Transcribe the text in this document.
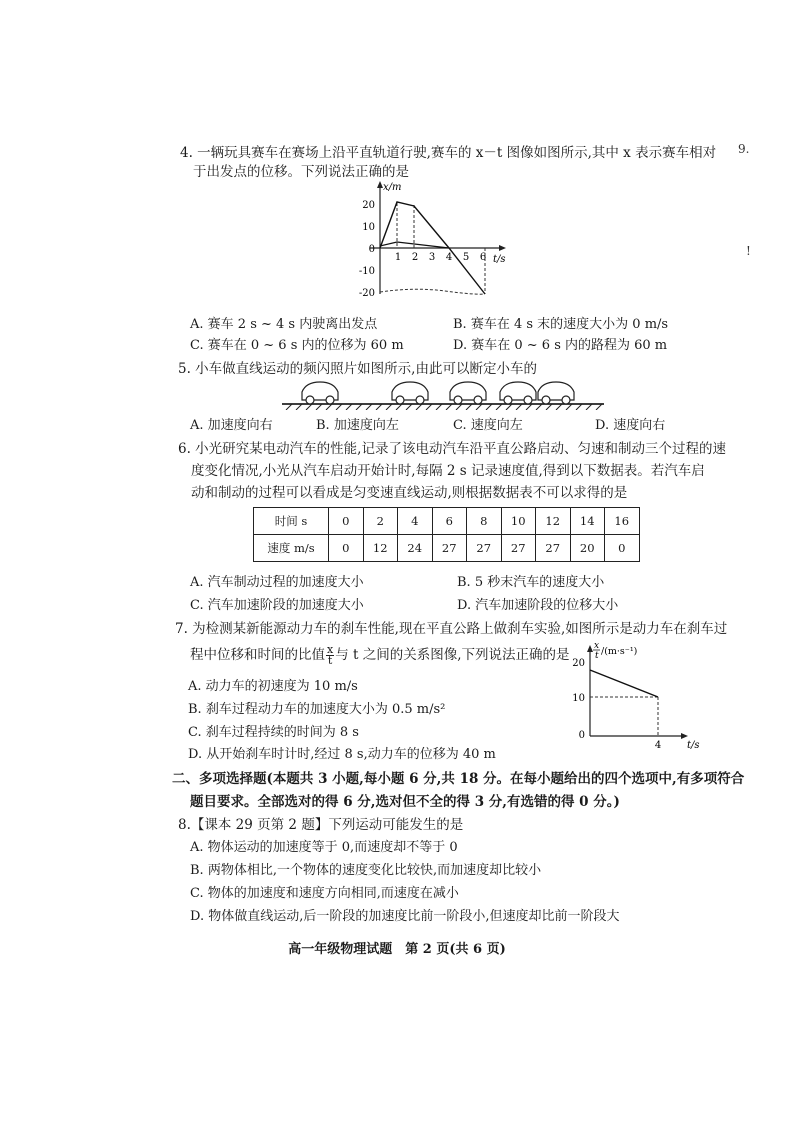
9.
!
4. 一辆玩具赛车在赛场上沿平直轨道行驶,赛车的 x－t 图像如图所示,其中 x 表示赛车相对
于出发点的位移。下列说法正确的是
x/m
t/s
20
10
0
-10
-20
1 2 3 4 5 6
A. 赛车 2 s ~ 4 s 内驶离出发点	B. 赛车在 4 s 末的速度大小为 0 m/s
C. 赛车在 0 ~ 6 s 内的位移为 60 m	D. 赛车在 0 ~ 6 s 内的路程为 60 m
5. 小车做直线运动的频闪照片如图所示,由此可以断定小车的
A. 加速度向右	B. 加速度向左	C. 速度向左	D. 速度向右
6. 小光研究某电动汽车的性能,记录了该电动汽车沿平直公路启动、匀速和制动三个过程的速
度变化情况,小光从汽车启动开始计时,每隔 2 s 记录速度值,得到以下数据表。若汽车启
动和制动的过程可以看成是匀变速直线运动,则根据数据表不可以求得的是
时间 s	0	2	4	6	8	10	12	14	16
速度 m/s	0	12	24	27	27	27	27	20	0
A. 汽车制动过程的加速度大小	B. 5 秒末汽车的速度大小
C. 汽车加速阶段的加速度大小	D. 汽车加速阶段的位移大小
7. 为检测某新能源动力车的刹车性能,现在平直公路上做刹车实验,如图所示是动力车在刹车过
程中位移和时间的比值 $\frac{x}{t}$ 与 t 之间的关系图像,下列说法正确的是
x
t /(m·s⁻¹)
t/s
20
10
0
4
A. 动力车的初速度为 10 m/s
B. 刹车过程动力车的加速度大小为 0.5 m/s²
C. 刹车过程持续的时间为 8 s
D. 从开始刹车时计时,经过 8 s,动力车的位移为 40 m
二、多项选择题(本题共 3 小题,每小题 6 分,共 18 分。在每小题给出的四个选项中,有多项符合
题目要求。全部选对的得 6 分,选对但不全的得 3 分,有选错的得 0 分。)
8.【课本 29 页第 2 题】下列运动可能发生的是
A. 物体运动的加速度等于 0,而速度却不等于 0
B. 两物体相比,一个物体的速度变化比较快,而加速度却比较小
C. 物体的加速度和速度方向相同,而速度在减小
D. 物体做直线运动,后一阶段的加速度比前一阶段小,但速度却比前一阶段大
高一年级物理试题　第 2 页(共 6 页)
